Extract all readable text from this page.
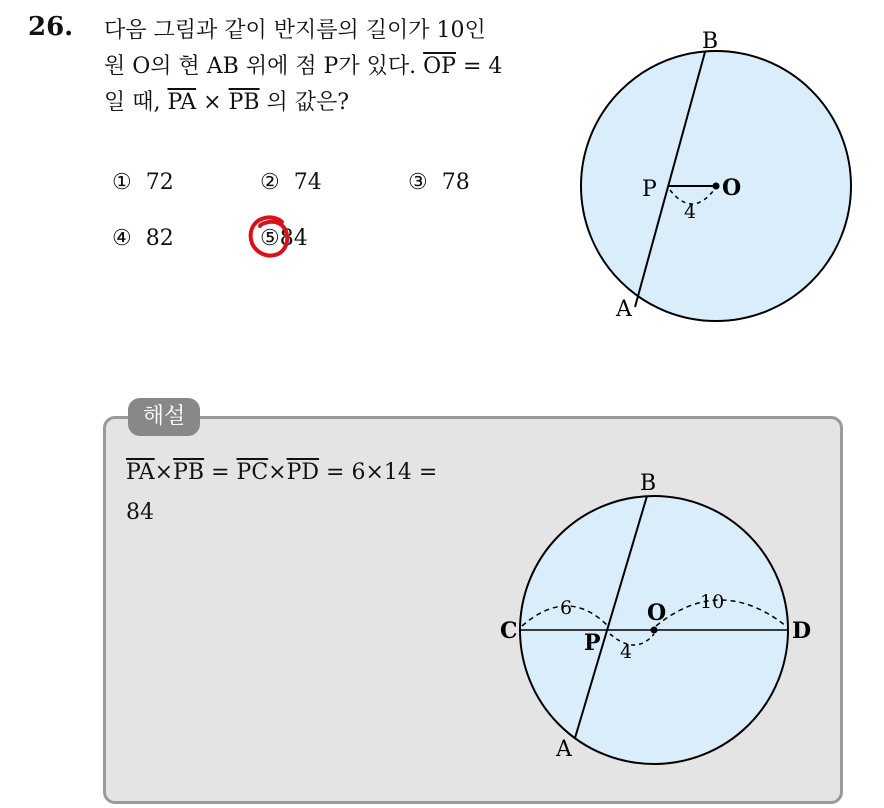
26. 다음 그림과 같이 반지름의 길이가 10인
원 O의 현 AB 위에 점 P가 있다. $\overline{OP} = 4$
일 때, $\overline{PA} \times \overline{PB}$ 의 값은?
① 72	② 74	③ 78
④ 82	⑤84
B
A
P	O
4
해설
$\overline{PA}\times\overline{PB} = \overline{PC}\times\overline{PD} = 6\times 14$ =
84
B
A
C	D
P
O
6
4
10
